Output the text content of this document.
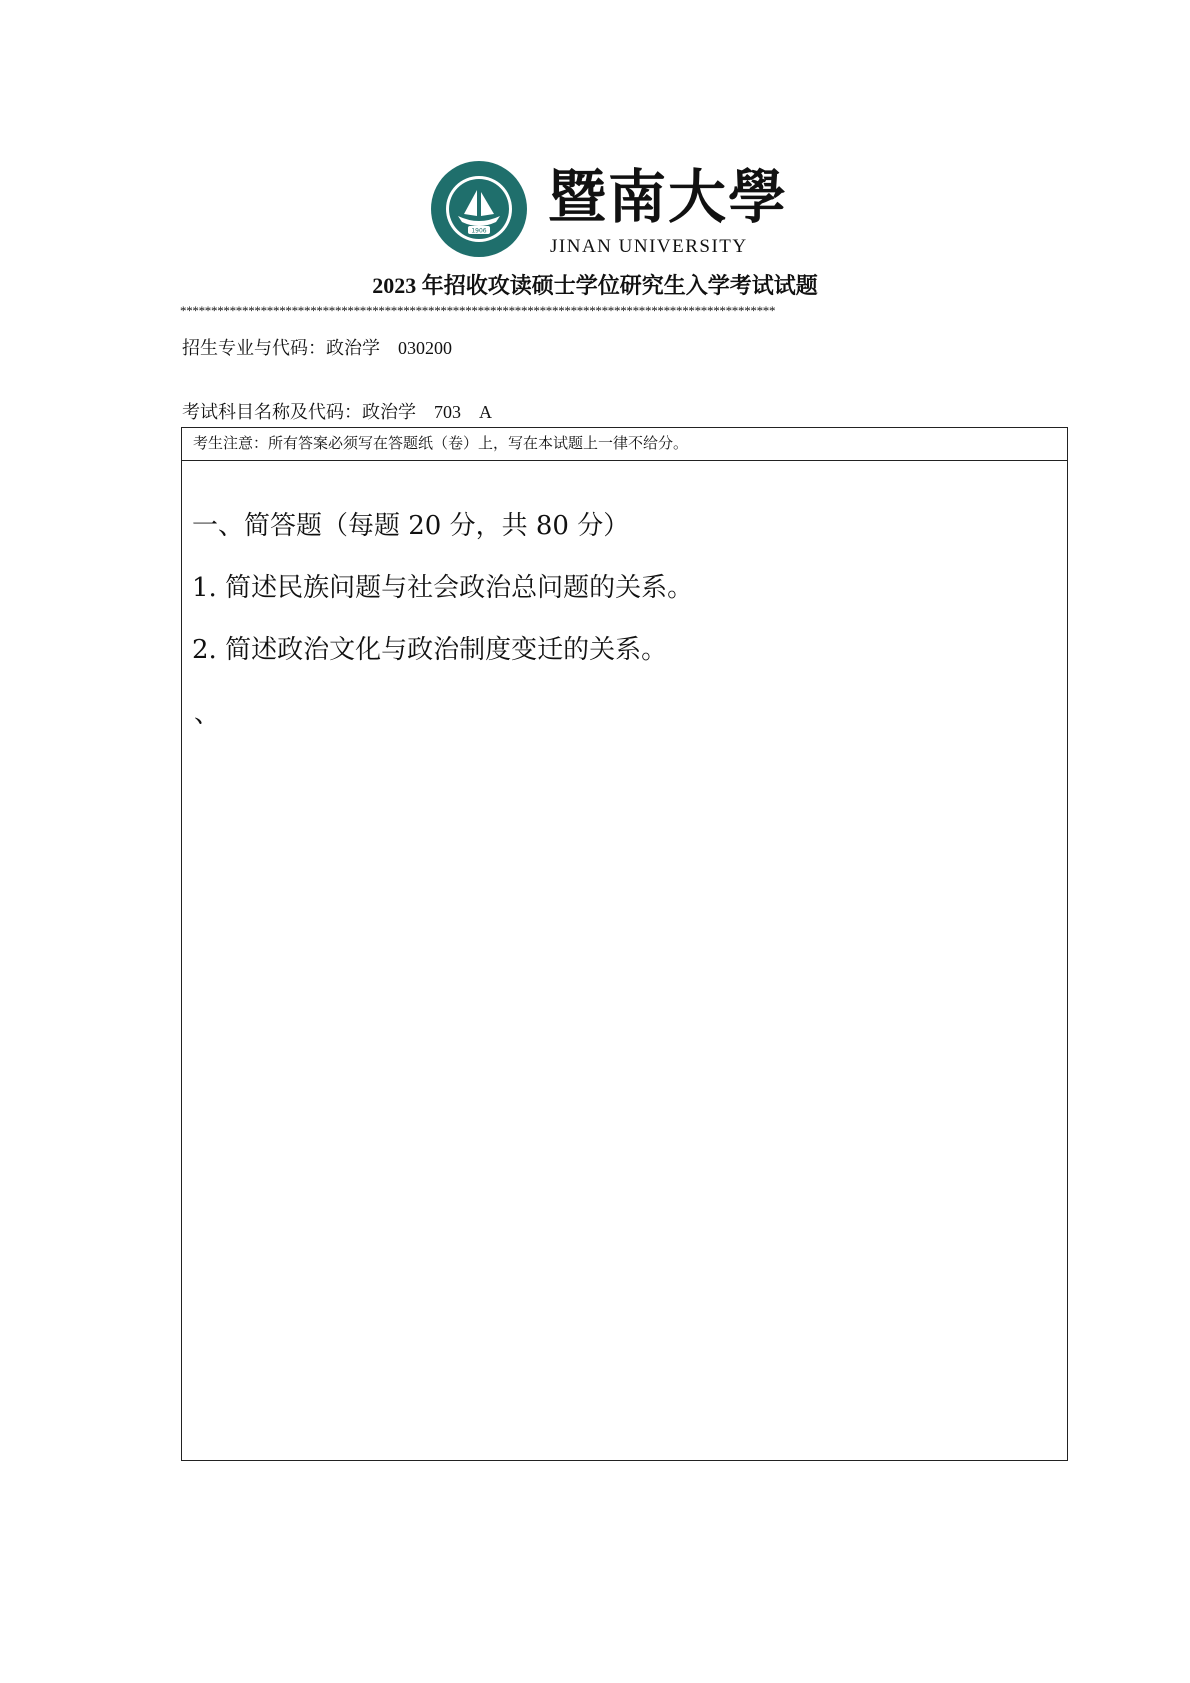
1906 暨南大學
JINAN UNIVERSITY
2023 年招收攻读硕士学位研究生入学考试试题
************************************************************************************************
招生专业与代码：政治学    030200
考试科目名称及代码：政治学    703    A
考生注意：所有答案必须写在答题纸（卷）上，写在本试题上一律不给分。
一、简答题（每题 20 分，共 80 分）
1. 简述民族问题与社会政治总问题的关系。
2. 简述政治文化与政治制度变迁的关系。
、
